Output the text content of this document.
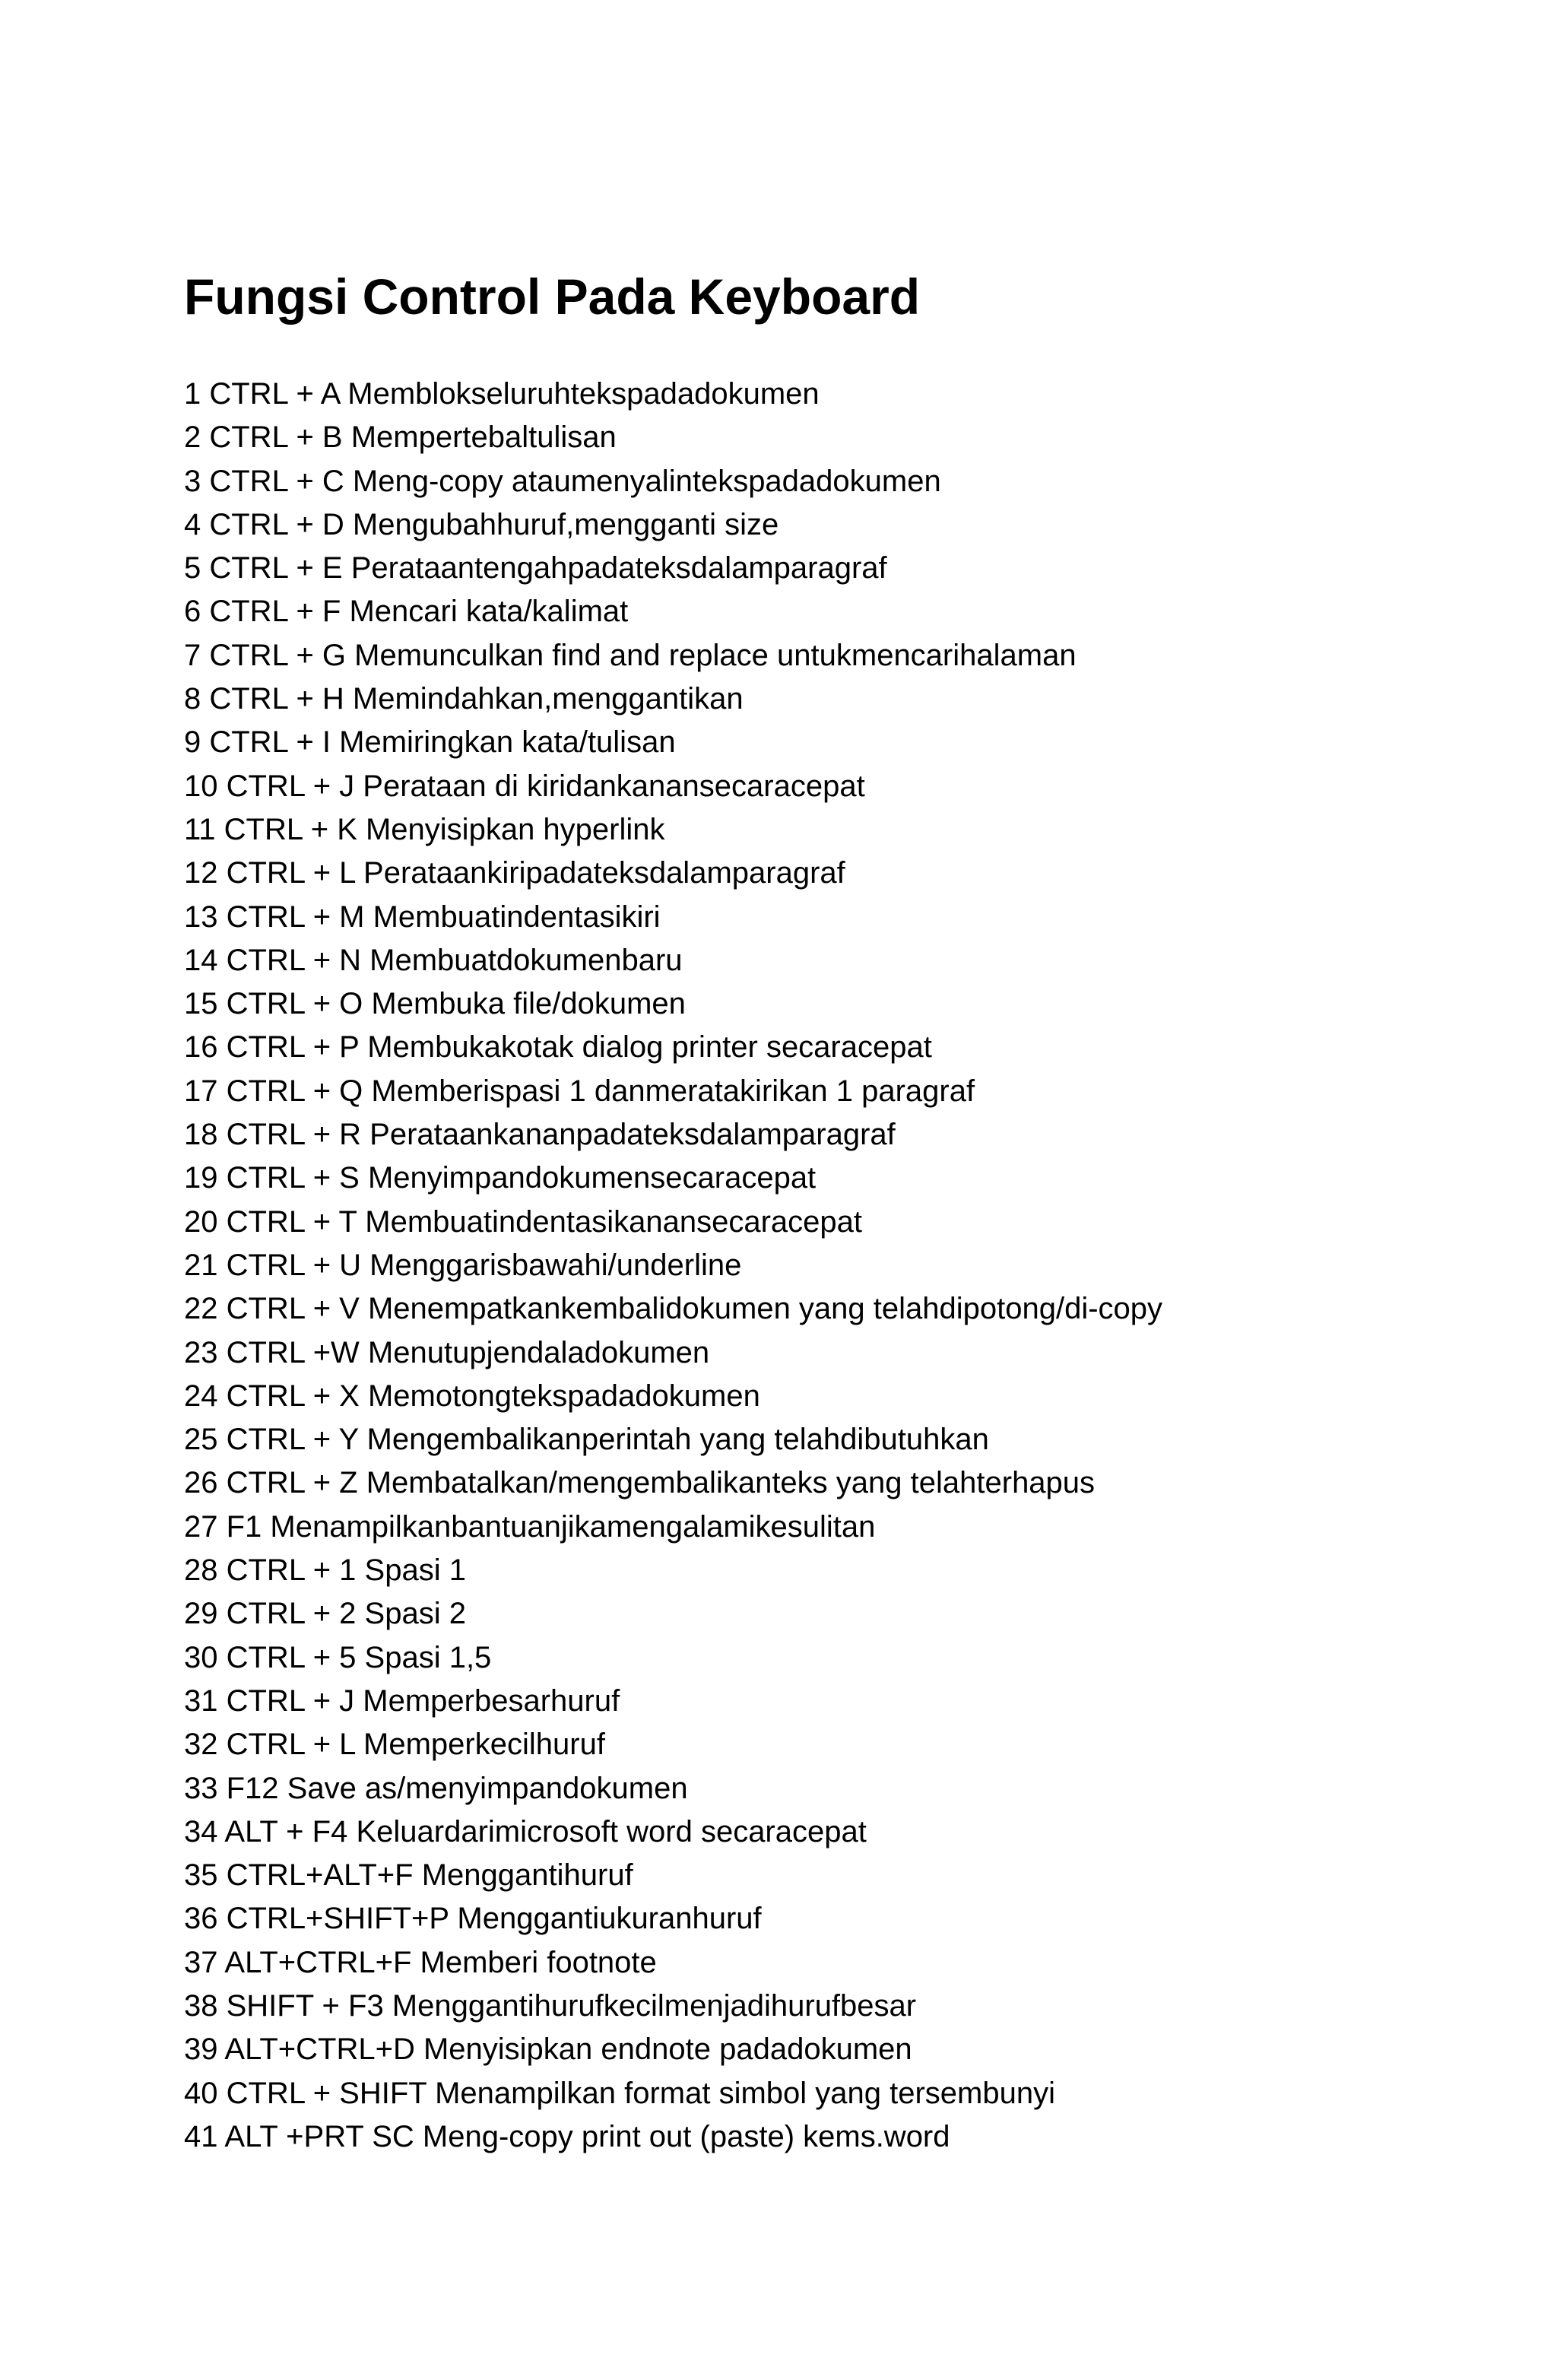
Fungsi Control Pada Keyboard
1 CTRL + A Memblokseluruhtekspadadokumen
2 CTRL + B Mempertebaltulisan
3 CTRL + C Meng-copy ataumenyalintekspadadokumen
4 CTRL + D Mengubahhuruf,mengganti size
5 CTRL + E Perataantengahpadateksdalamparagraf
6 CTRL + F Mencari kata/kalimat
7 CTRL + G Memunculkan find and replace untukmencarihalaman
8 CTRL + H Memindahkan,menggantikan
9 CTRL + I Memiringkan kata/tulisan
10 CTRL + J Perataan di kiridankanansecaracepat
11 CTRL + K Menyisipkan hyperlink
12 CTRL + L Perataankiripadateksdalamparagraf
13 CTRL + M Membuatindentasikiri
14 CTRL + N Membuatdokumenbaru
15 CTRL + O Membuka file/dokumen
16 CTRL + P Membukakotak dialog printer secaracepat
17 CTRL + Q Memberispasi 1 danmeratakirikan 1 paragraf
18 CTRL + R Perataankananpadateksdalamparagraf
19 CTRL + S Menyimpandokumensecaracepat
20 CTRL + T Membuatindentasikanansecaracepat
21 CTRL + U Menggarisbawahi/underline
22 CTRL + V Menempatkankembalidokumen yang telahdipotong/di-copy
23 CTRL +W Menutupjendaladokumen
24 CTRL + X Memotongtekspadadokumen
25 CTRL + Y Mengembalikanperintah yang telahdibutuhkan
26 CTRL + Z Membatalkan/mengembalikanteks yang telahterhapus
27 F1 Menampilkanbantuanjikamengalamikesulitan
28 CTRL + 1 Spasi 1
29 CTRL + 2 Spasi 2
30 CTRL + 5 Spasi 1,5
31 CTRL + J Memperbesarhuruf
32 CTRL + L Memperkecilhuruf
33 F12 Save as/menyimpandokumen
34 ALT + F4 Keluardarimicrosoft word secaracepat
35 CTRL+ALT+F Menggantihuruf
36 CTRL+SHIFT+P Menggantiukuranhuruf
37 ALT+CTRL+F Memberi footnote
38 SHIFT + F3 Menggantihurufkecilmenjadihurufbesar
39 ALT+CTRL+D Menyisipkan endnote padadokumen
40 CTRL + SHIFT Menampilkan format simbol yang tersembunyi
41 ALT +PRT SC Meng-copy print out (paste) kems.word
